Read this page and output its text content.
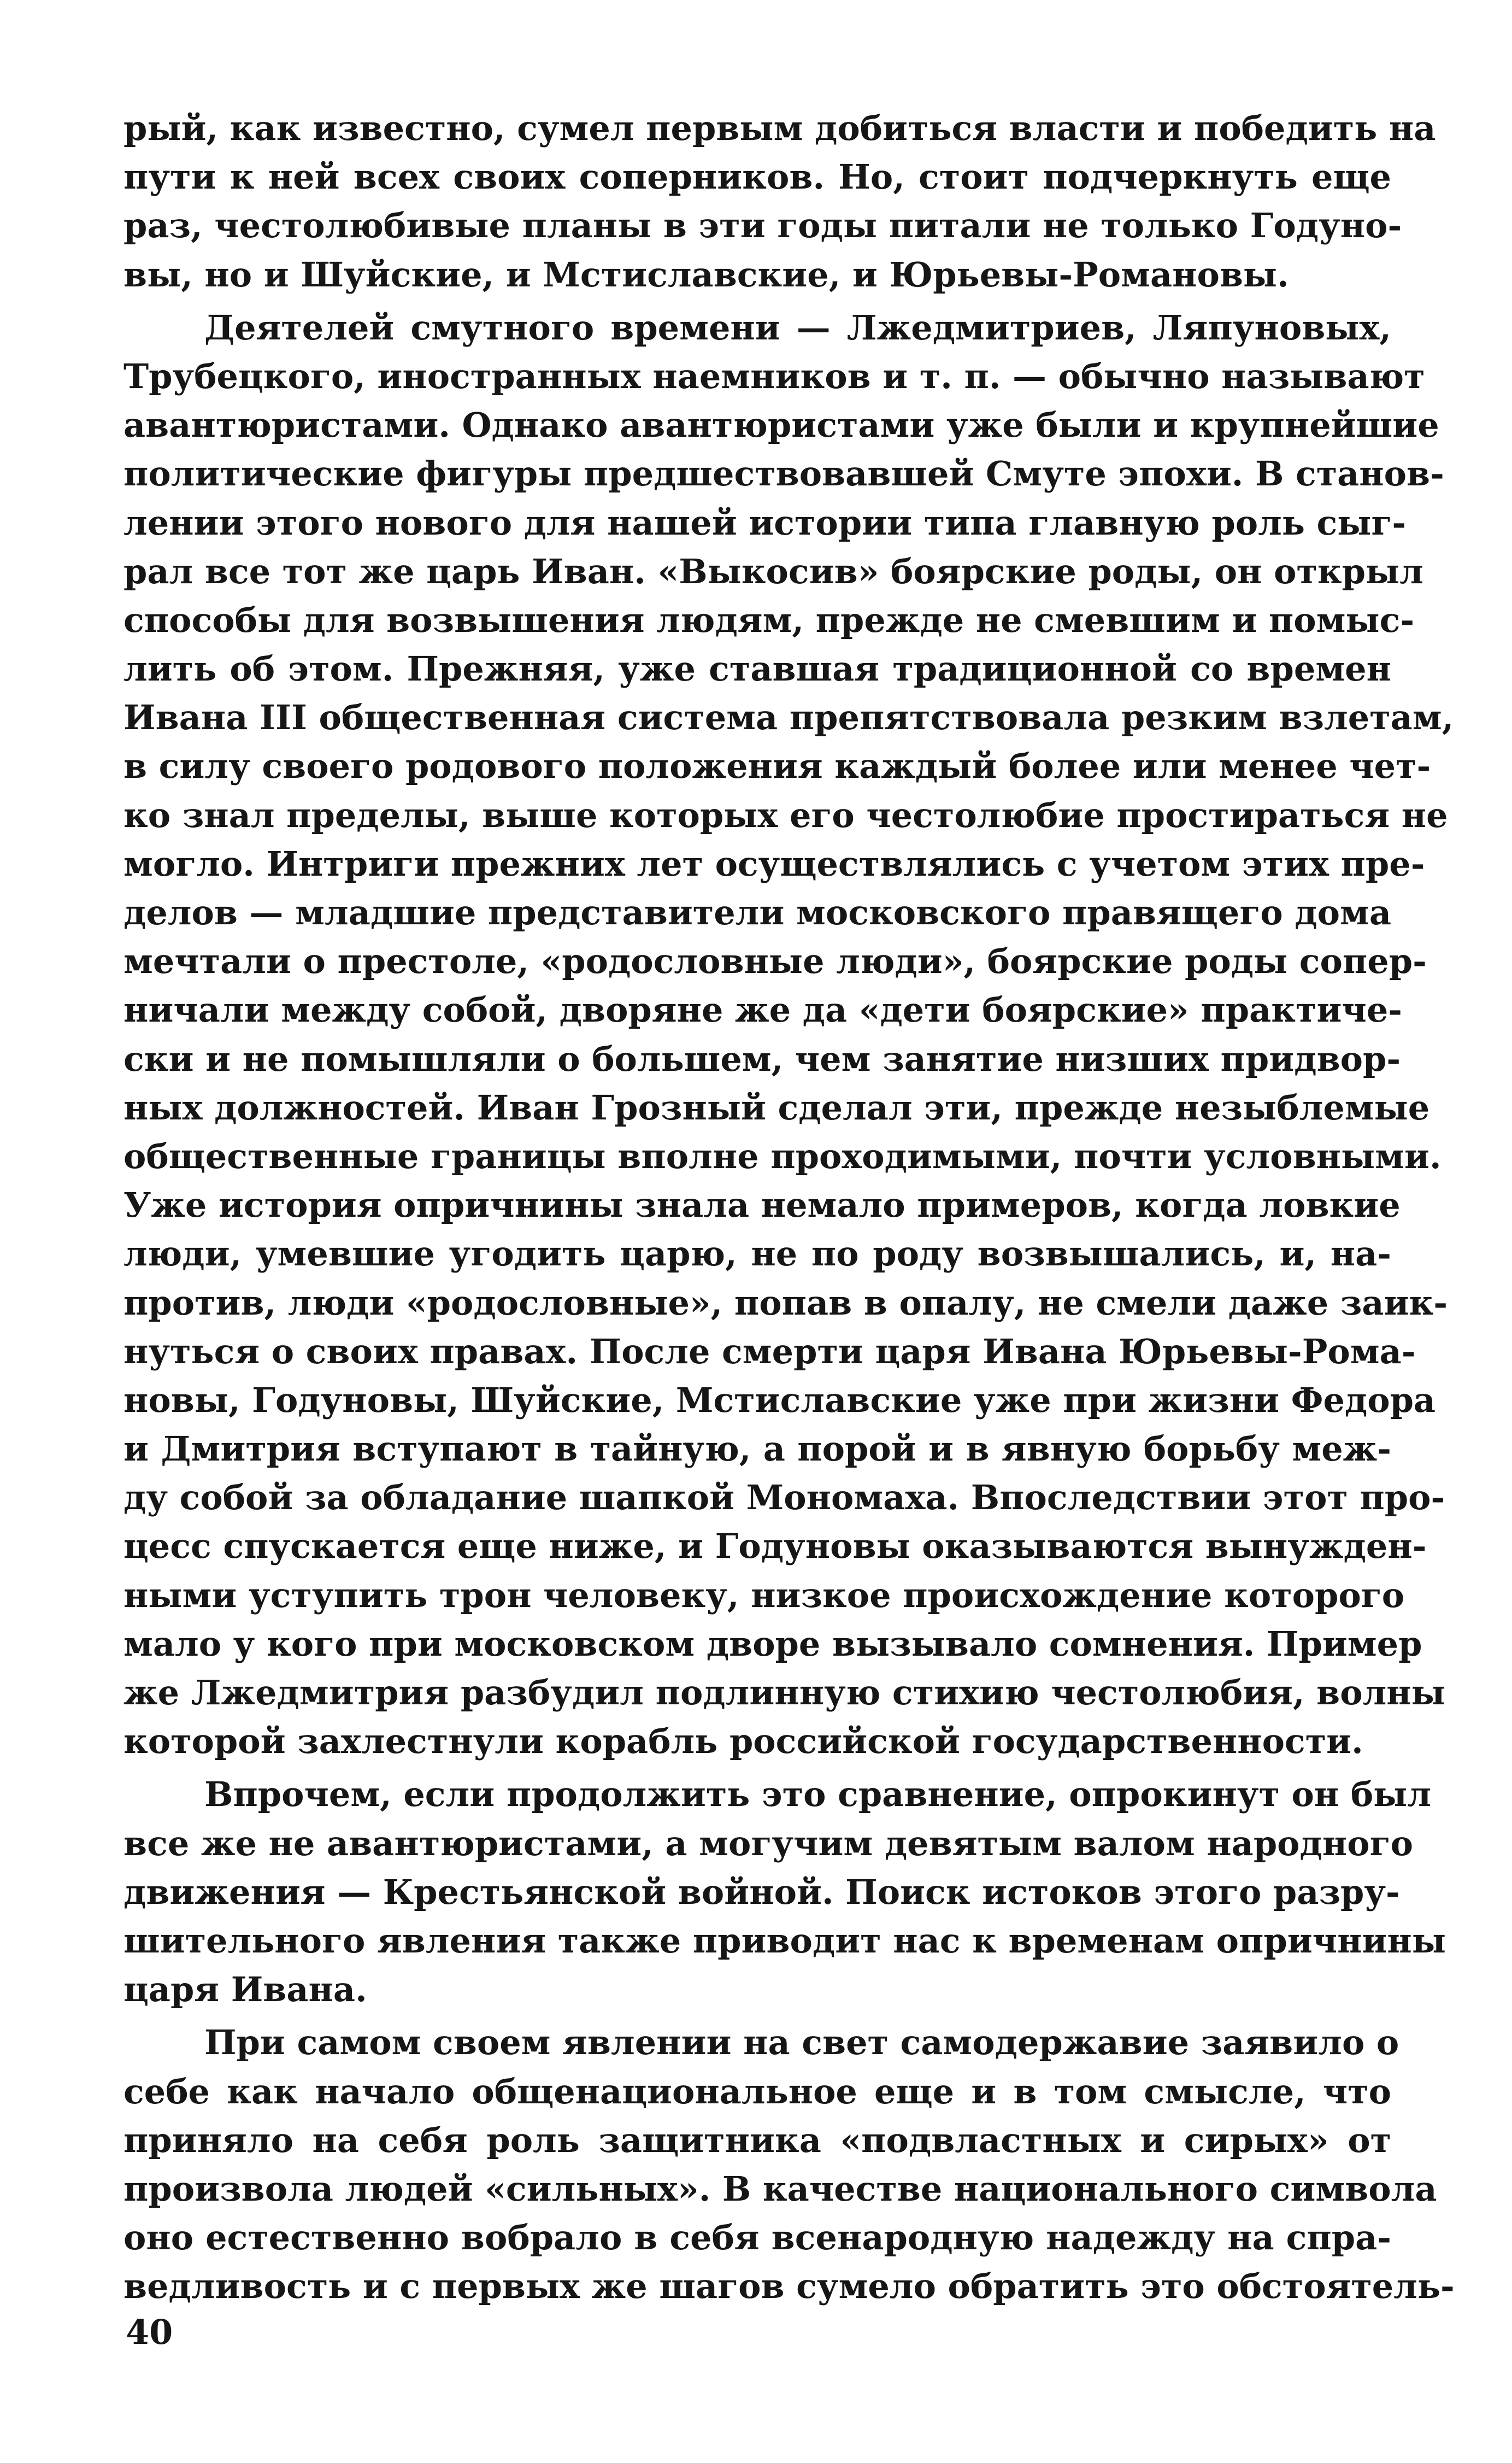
рый, как известно, сумел первым добиться власти и победить на
пути к ней всех своих соперников. Но, стоит подчеркнуть еще
раз, честолюбивые планы в эти годы питали не только Годуно-
вы, но и Шуйские, и Мстиславские, и Юрьевы-Романовы.
Деятелей смутного времени — Лжедмитриев, Ляпуновых,
Трубецкого, иностранных наемников и т. п. — обычно называют
авантюристами. Однако авантюристами уже были и крупнейшие
политические фигуры предшествовавшей Смуте эпохи. В станов-
лении этого нового для нашей истории типа главную роль сыг-
рал все тот же царь Иван. «Выкосив» боярские роды, он открыл
способы для возвышения людям, прежде не смевшим и помыс-
лить об этом. Прежняя, уже ставшая традиционной со времен
Ивана III общественная система препятствовала резким взлетам,
в силу своего родового положения каждый более или менее чет-
ко знал пределы, выше которых его честолюбие простираться не
могло. Интриги прежних лет осуществлялись с учетом этих пре-
делов — младшие представители московского правящего дома
мечтали о престоле, «родословные люди», боярские роды сопер-
ничали между собой, дворяне же да «дети боярские» практиче-
ски и не помышляли о большем, чем занятие низших придвор-
ных должностей. Иван Грозный сделал эти, прежде незыблемые
общественные границы вполне проходимыми, почти условными.
Уже история опричнины знала немало примеров, когда ловкие
люди, умевшие угодить царю, не по роду возвышались, и, на-
против, люди «родословные», попав в опалу, не смели даже заик-
нуться о своих правах. После смерти царя Ивана Юрьевы-Рома-
новы, Годуновы, Шуйские, Мстиславские уже при жизни Федора
и Дмитрия вступают в тайную, а порой и в явную борьбу меж-
ду собой за обладание шапкой Мономаха. Впоследствии этот про-
цесс спускается еще ниже, и Годуновы оказываются вынужден-
ными уступить трон человеку, низкое происхождение которого
мало у кого при московском дворе вызывало сомнения. Пример
же Лжедмитрия разбудил подлинную стихию честолюбия, волны
которой захлестнули корабль российской государственности.
Впрочем, если продолжить это сравнение, опрокинут он был
все же не авантюристами, а могучим девятым валом народного
движения — Крестьянской войной. Поиск истоков этого разру-
шительного явления также приводит нас к временам опричнины
царя Ивана.
При самом своем явлении на свет самодержавие заявило о
себе как начало общенациональное еще и в том смысле, что
приняло на себя роль защитника «подвластных и сирых» от
произвола людей «сильных». В качестве национального символа
оно естественно вобрало в себя всенародную надежду на спра-
ведливость и с первых же шагов сумело обратить это обстоятель-
40
